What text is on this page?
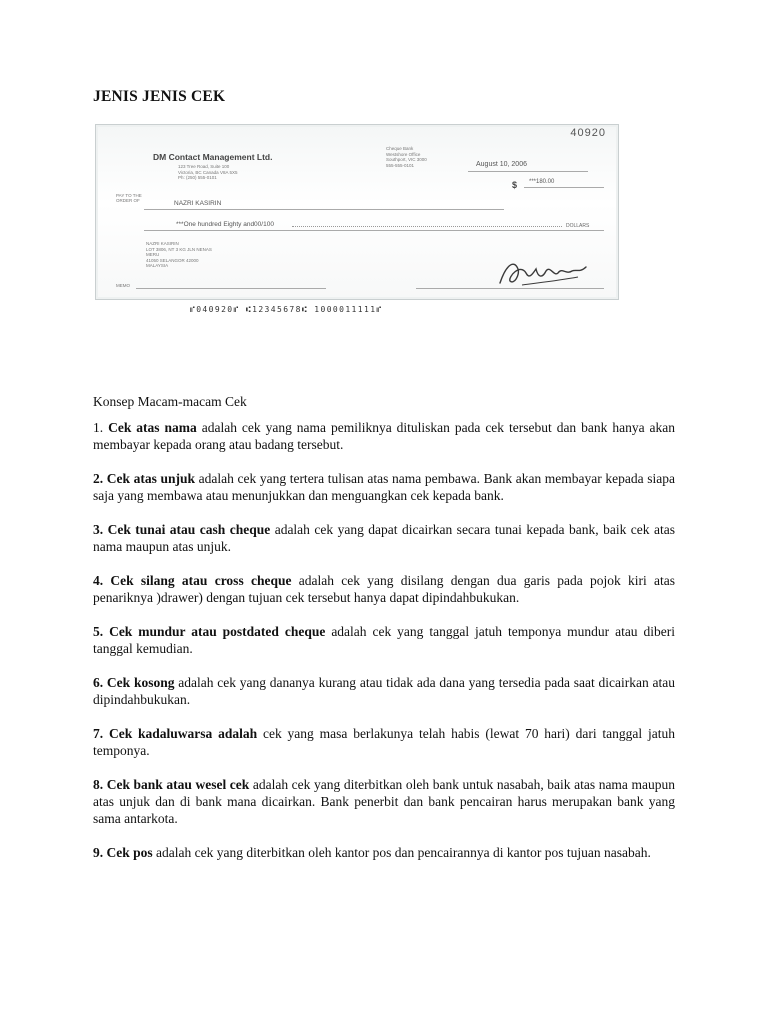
JENIS JENIS CEK
40920
DM Contact Management Ltd.
123 Tree Road, Suite 100
Victoria, BC Canada V8A 5X5
Ph: (250) 555-0101
Cheque Bank
Westshore Office
Southport, VIC 3000
555-555-0101	August 10, 2006
$ ***180.00
PAY TO THE
ORDER OF	NAZRI KASIRIN
***One hundred Eighty and00/100	DOLLARS
NAZRI KASIRIN
LOT 3806, NT 3 KG JLN NENAS
MERU
41050 SELANGOR 42000
MALAYSIA
MEMO
⑈040920⑈ ⑆12345678⑆ 1000011111⑈
Konsep Macam-macam Cek

1. Cek atas nama adalah cek yang nama pemiliknya dituliskan pada cek tersebut dan bank hanya akan membayar kepada orang atau badang tersebut.

2. Cek atas unjuk adalah cek yang tertera tulisan atas nama pembawa. Bank akan membayar kepada siapa saja yang membawa atau menunjukkan dan menguangkan cek kepada bank.

3. Cek tunai atau cash cheque adalah cek yang dapat dicairkan secara tunai kepada bank, baik cek atas nama maupun atas unjuk.

4. Cek silang atau cross cheque adalah cek yang disilang dengan dua garis pada pojok kiri atas penariknya )drawer) dengan tujuan cek tersebut hanya dapat dipindahbukukan.

5. Cek mundur atau postdated cheque adalah cek yang tanggal jatuh temponya mundur atau diberi tanggal kemudian.

6. Cek kosong adalah cek yang dananya kurang atau tidak ada dana yang tersedia pada saat dicairkan atau dipindahbukukan.

7. Cek kadaluwarsa adalah cek yang masa berlakunya telah habis (lewat 70 hari) dari tanggal jatuh temponya.

8. Cek bank atau wesel cek adalah cek yang diterbitkan oleh bank untuk nasabah, baik atas nama maupun atas unjuk dan di bank mana dicairkan. Bank penerbit dan bank pencairan harus merupakan bank yang sama antarkota.

9. Cek pos adalah cek yang diterbitkan oleh kantor pos dan pencairannya di kantor pos tujuan nasabah.
